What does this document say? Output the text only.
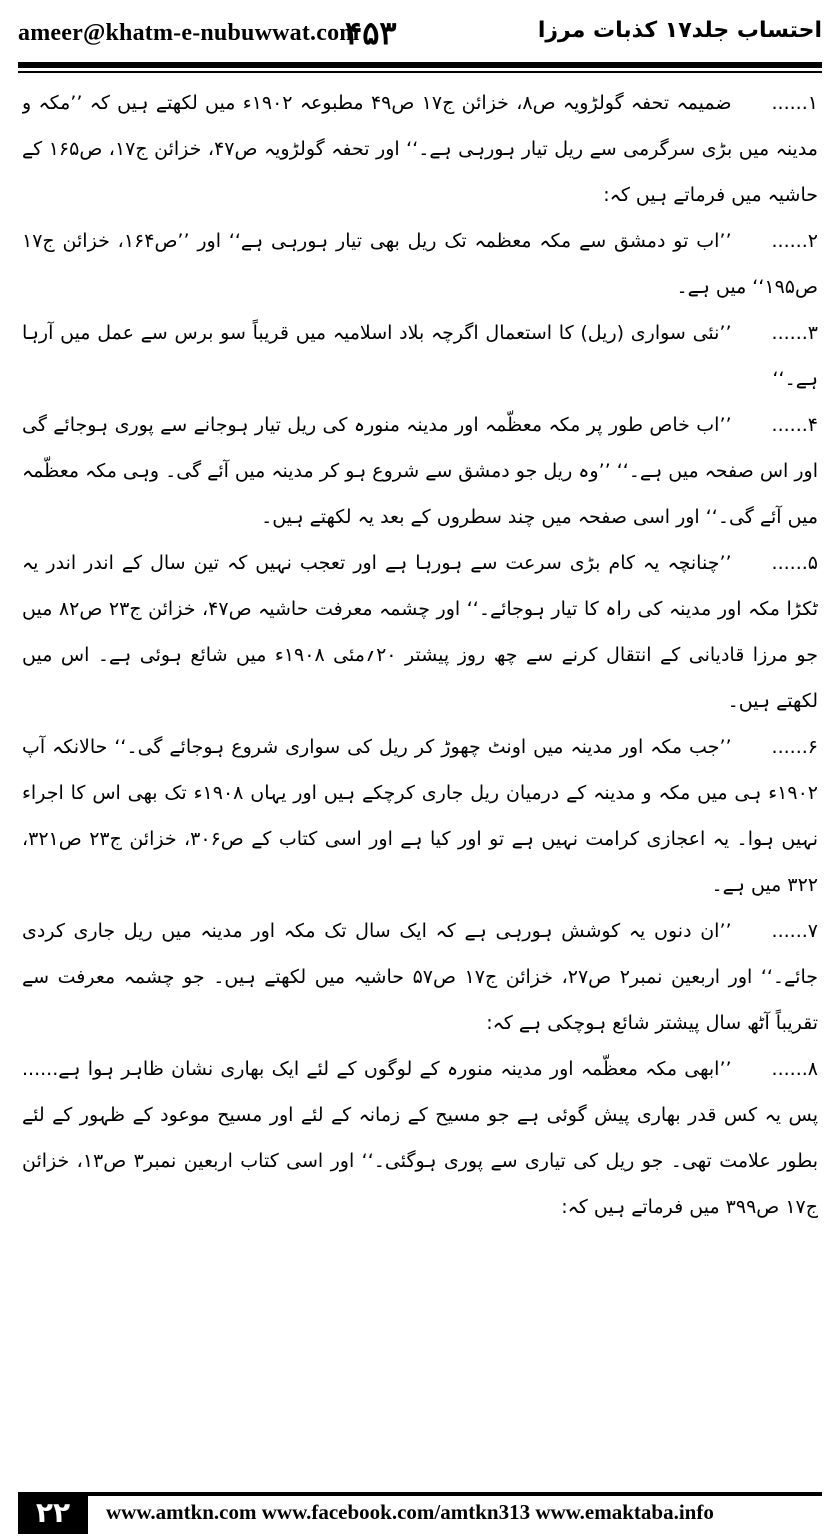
ameer@khatm-e-nubuwwat.com
۴۵۳	احتساب جلد۱۷ کذبات مرزا

۱......ضمیمہ تحفہ گولڑویہ ص۸، خزائن ج۱۷ ص۴۹ مطبوعہ ۱۹۰۲ء میں لکھتے ہیں کہ ’’مکہ و مدینہ میں بڑی سرگرمی سے ریل تیار ہورہی ہے۔‘‘ اور تحفہ گولڑویہ ص۴۷، خزائن ج۱۷، ص۱۶۵ کے حاشیہ میں فرماتے ہیں کہ:

۲......’’اب تو دمشق سے مکہ معظمہ تک ریل بھی تیار ہورہی ہے‘‘ اور ’’ص۱۶۴، خزائن ج۱۷ ص۱۹۵‘‘ میں ہے۔

۳......’’نئی سواری (ریل) کا استعمال اگرچہ بلاد اسلامیہ میں قریباً سو برس سے عمل میں آرہا ہے۔‘‘

۴......’’اب خاص طور پر مکہ معظّمہ اور مدینہ منورہ کی ریل تیار ہوجانے سے پوری ہوجائے گی اور اس صفحہ میں ہے۔‘‘ ’’وہ ریل جو دمشق سے شروع ہو کر مدینہ میں آئے گی۔ وہی مکہ معظّمہ میں آئے گی۔‘‘ اور اسی صفحہ میں چند سطروں کے بعد یہ لکھتے ہیں۔

۵......’’چنانچہ یہ کام بڑی سرعت سے ہورہا ہے اور تعجب نہیں کہ تین سال کے اندر اندر یہ ٹکڑا مکہ اور مدینہ کی راہ کا تیار ہوجائے۔‘‘ اور چشمہ معرفت حاشیہ ص۴۷، خزائن ج۲۳ ص۸۲ میں جو مرزا قادیانی کے انتقال کرنے سے چھ روز پیشتر ۲۰؍مئی ۱۹۰۸ء میں شائع ہوئی ہے۔ اس میں لکھتے ہیں۔

۶......’’جب مکہ اور مدینہ میں اونٹ چھوڑ کر ریل کی سواری شروع ہوجائے گی۔‘‘ حالانکہ آپ ۱۹۰۲ء ہی میں مکہ و مدینہ کے درمیان ریل جاری کرچکے ہیں اور یہاں ۱۹۰۸ء تک بھی اس کا اجراء نہیں ہوا۔ یہ اعجازی کرامت نہیں ہے تو اور کیا ہے اور اسی کتاب کے ص۳۰۶، خزائن ج۲۳ ص۳۲۱، ۳۲۲ میں ہے۔

۷......’’ان دنوں یہ کوشش ہورہی ہے کہ ایک سال تک مکہ اور مدینہ میں ریل جاری کردی جائے۔‘‘ اور اربعین نمبر۲ ص۲۷، خزائن ج۱۷ ص۵۷ حاشیہ میں لکھتے ہیں۔ جو چشمہ معرفت سے تقریباً آٹھ سال پیشتر شائع ہوچکی ہے کہ:

۸......’’ابھی مکہ معظّمہ اور مدینہ منورہ کے لوگوں کے لئے ایک بھاری نشان ظاہر ہوا ہے...... پس یہ کس قدر بھاری پیش گوئی ہے جو مسیح کے زمانہ کے لئے اور مسیح موعود کے ظہور کے لئے بطور علامت تھی۔ جو ریل کی تیاری سے پوری ہوگئی۔‘‘ اور اسی کتاب اربعین نمبر۳ ص۱۳، خزائن ج۱۷ ص۳۹۹ میں فرماتے ہیں کہ:

۲۲	www.amtkn.com www.facebook.com/amtkn313 www.emaktaba.info
